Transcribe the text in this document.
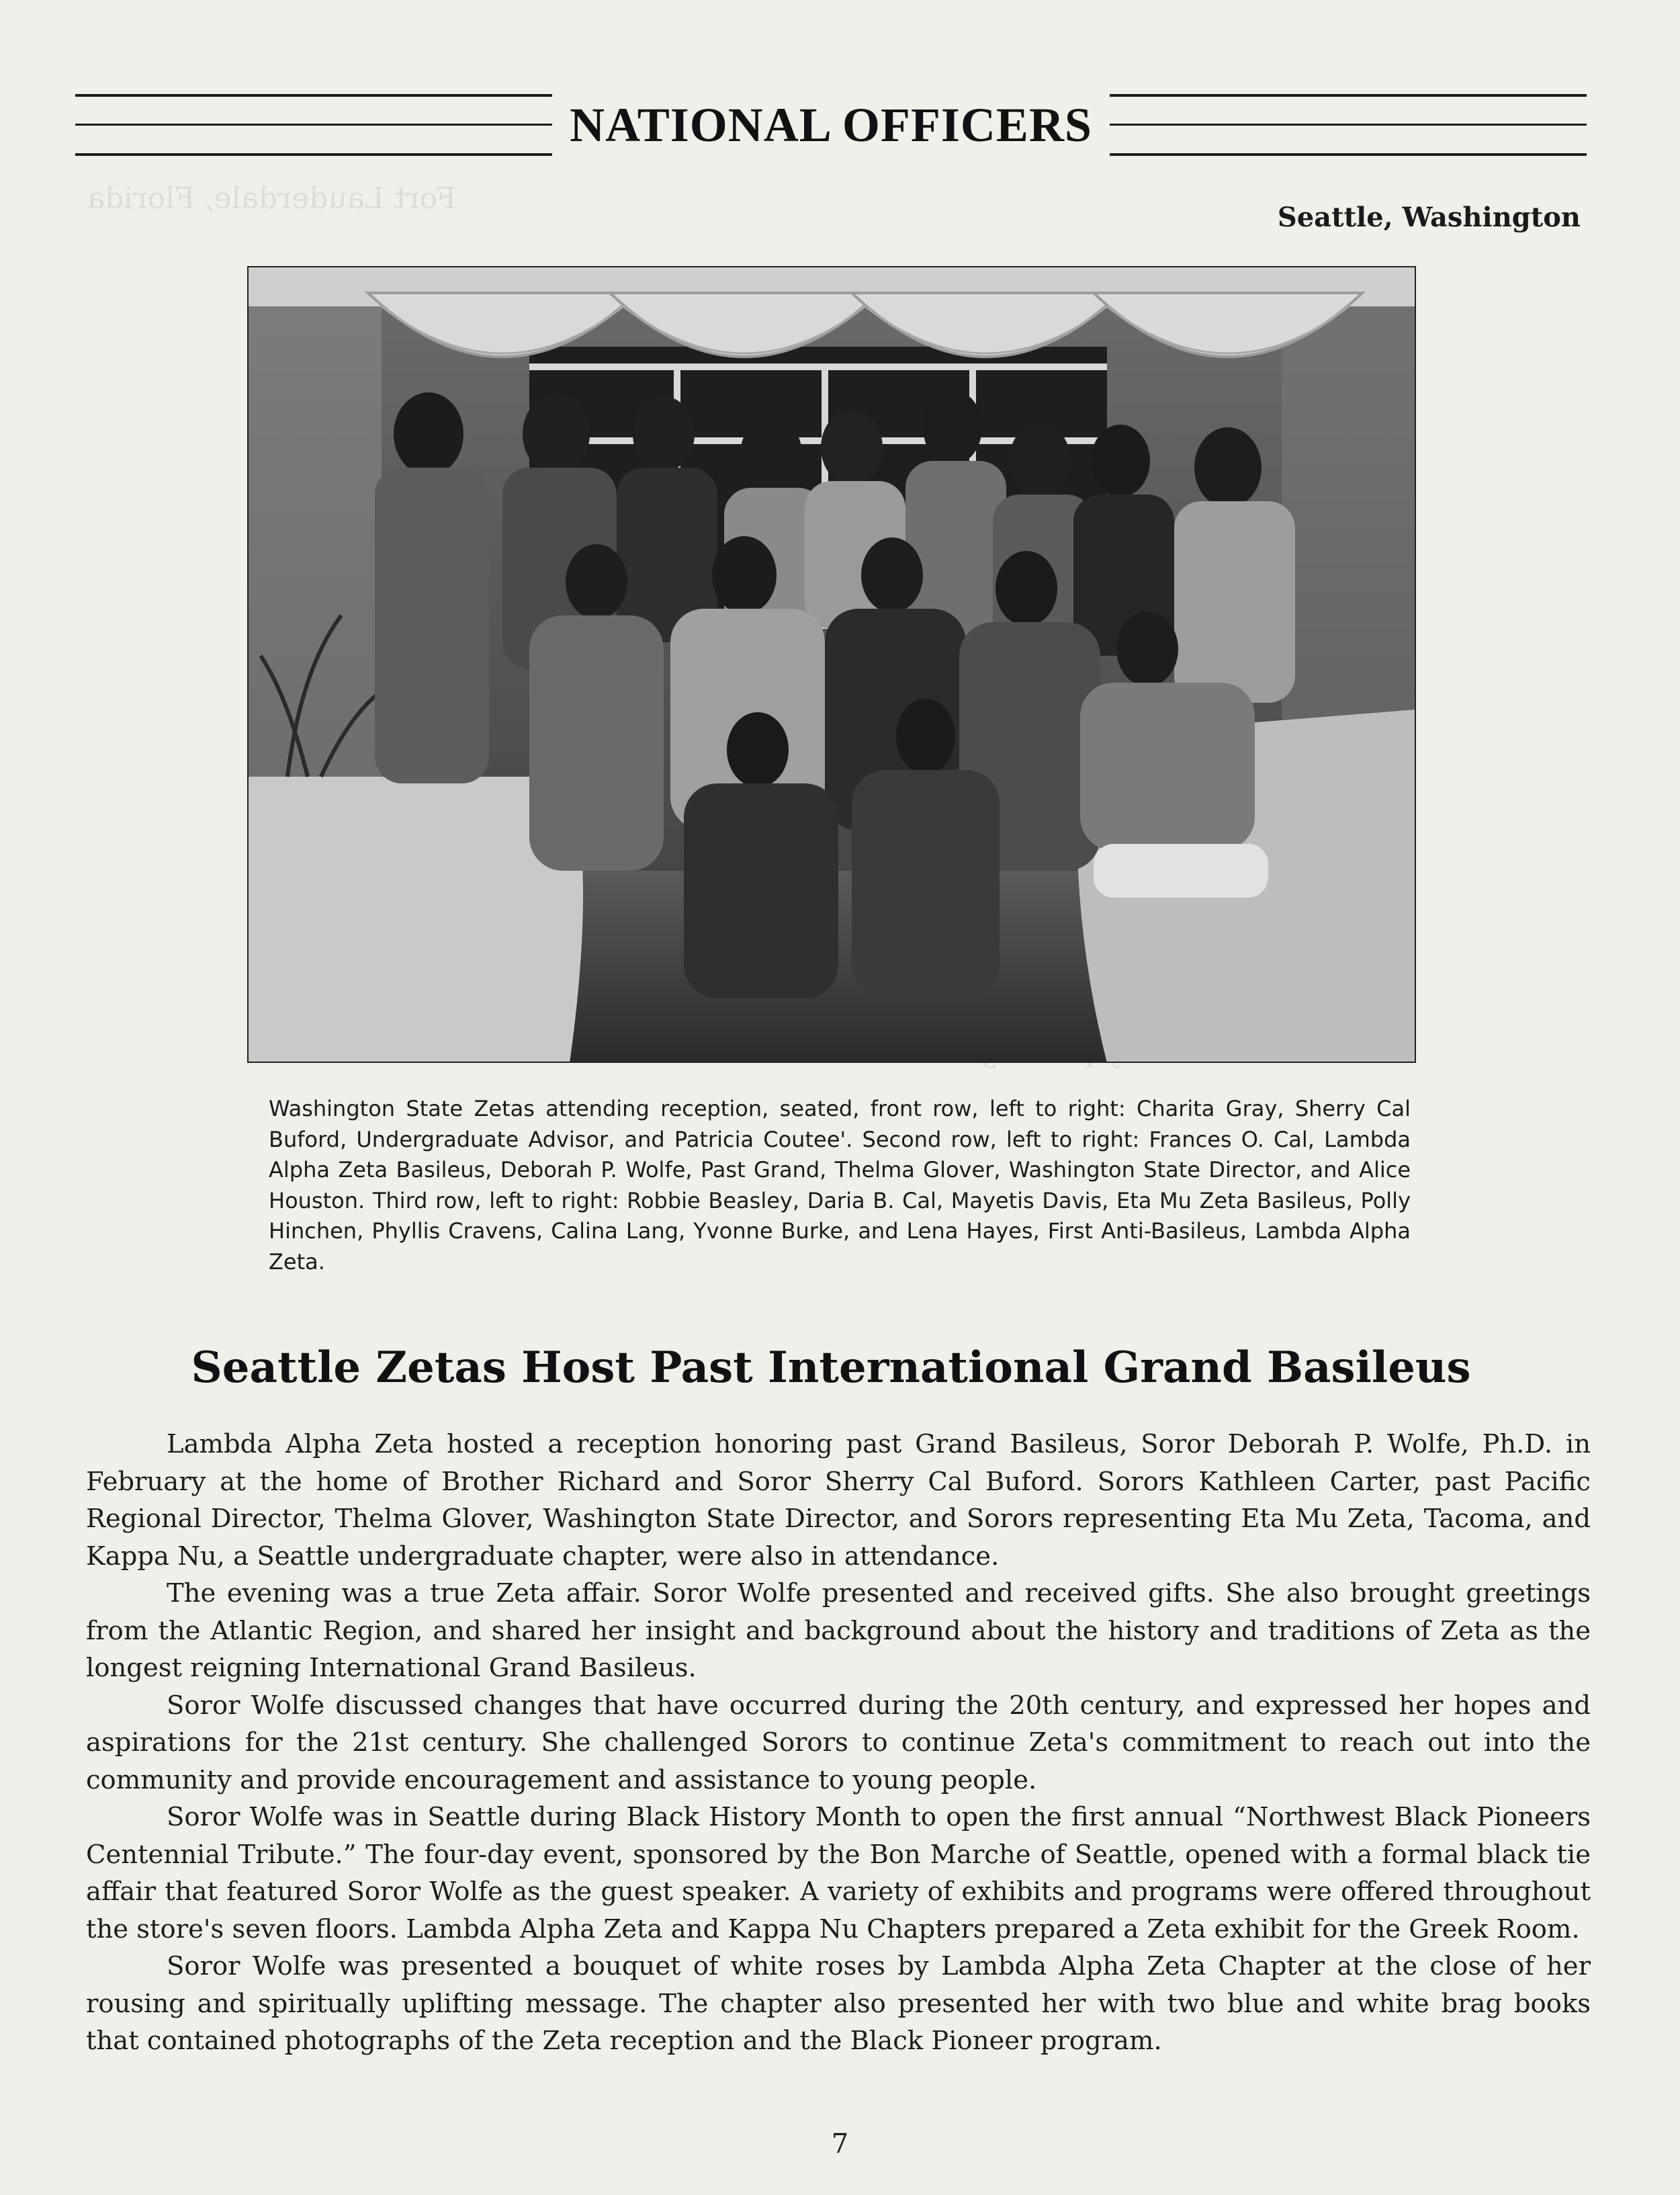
Fort Lauderdale, Florida
NATIONAL OFFICERS
Seattle, Washington
Washington State Zetas attending reception, seated, front row, left to right: Charita Gray, Sherry Cal Buford, Undergraduate Advisor, and Patricia Coutee'. Second row, left to right: Frances O. Cal, Lambda Alpha Zeta Basileus, Deborah P. Wolfe, Past Grand, Thelma Glover, Washington State Director, and Alice Houston. Third row, left to right: Robbie Beasley, Daria B. Cal, Mayetis Davis, Eta Mu Zeta Basileus, Polly Hinchen, Phyllis Cravens, Calina Lang, Yvonne Burke, and Lena Hayes, First Anti-Basileus, Lambda Alpha Zeta.
Seattle Zetas Host Past International Grand Basileus

Lambda Alpha Zeta hosted a reception honoring past Grand Basileus, Soror Deborah P. Wolfe, Ph.D. in February at the home of Brother Richard and Soror Sherry Cal Buford. Sorors Kathleen Carter, past Pacific Regional Director, Thelma Glover, Washington State Director, and Sorors representing Eta Mu Zeta, Tacoma, and Kappa Nu, a Seattle undergraduate chapter, were also in attendance.

The evening was a true Zeta affair. Soror Wolfe presented and received gifts. She also brought greetings from the Atlantic Region, and shared her insight and background about the history and traditions of Zeta as the longest reigning International Grand Basileus.

Soror Wolfe discussed changes that have occurred during the 20th century, and expressed her hopes and aspirations for the 21st century. She challenged Sorors to continue Zeta's commitment to reach out into the community and provide encouragement and assistance to young people.

Soror Wolfe was in Seattle during Black History Month to open the first annual “Northwest Black Pioneers Centennial Tribute.” The four-day event, sponsored by the Bon Marche of Seattle, opened with a formal black tie affair that featured Soror Wolfe as the guest speaker. A variety of exhibits and programs were offered throughout the store's seven floors. Lambda Alpha Zeta and Kappa Nu Chapters prepared a Zeta exhibit for the Greek Room.

Soror Wolfe was presented a bouquet of white roses by Lambda Alpha Zeta Chapter at the close of her rousing and spiritually uplifting message. The chapter also presented her with two blue and white brag books that contained photographs of the Zeta reception and the Black Pioneer program.

7
